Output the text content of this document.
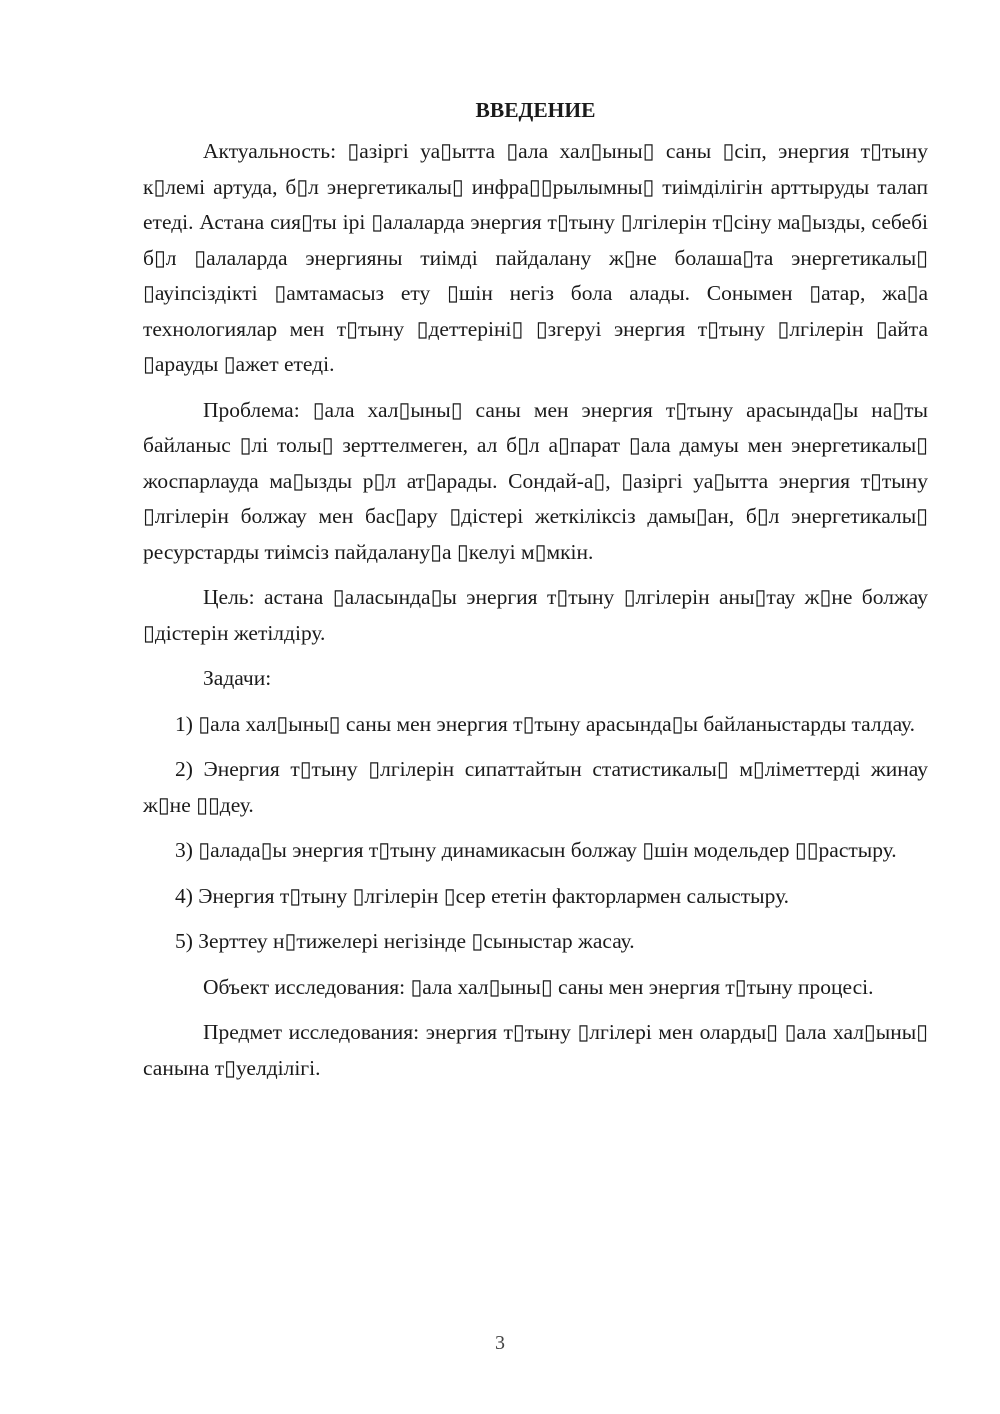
ВВЕДЕНИЕ

Актуальность: ▯азіргі уа▯ытта ▯ала хал▯ыны▯ саны ▯сіп, энергия т▯тыну к▯лемі артуда, б▯л энергетикалы▯ инфра▯▯рылымны▯ тиімділігін арттыруды талап етеді. Астана сия▯ты ірі ▯алаларда энергия т▯тыну ▯лгілерін т▯сіну ма▯ызды, себебі б▯л ▯алаларда энергияны тиімді пайдалану ж▯не болаша▯та энергетикалы▯ ▯ауіпсіздікті ▯амтамасыз ету ▯шін негіз бола алады. Сонымен ▯атар, жа▯а технологиялар мен т▯тыну ▯деттеріні▯ ▯згеруі энергия т▯тыну ▯лгілерін ▯айта ▯арауды ▯ажет етеді.

Проблема: ▯ала хал▯ыны▯ саны мен энергия т▯тыну арасында▯ы на▯ты байланыс ▯лі толы▯ зерттелмеген, ал б▯л а▯парат ▯ала дамуы мен энергетикалы▯ жоспарлауда ма▯ызды р▯л ат▯арады. Сондай-а▯, ▯азіргі уа▯ытта энергия т▯тыну ▯лгілерін болжау мен бас▯ару ▯дістері жеткіліксіз дамы▯ан, б▯л энергетикалы▯ ресурстарды тиімсіз пайдалану▯а ▯келуі м▯мкін.

Цель: астана ▯аласында▯ы энергия т▯тыну ▯лгілерін аны▯тау ж▯не болжау ▯дістерін жетілдіру.

Задачи:

1) ▯ала хал▯ыны▯ саны мен энергия т▯тыну арасында▯ы байланыстарды талдау.

2) Энергия т▯тыну ▯лгілерін сипаттайтын статистикалы▯ м▯ліметтерді жинау ж▯не ▯▯деу.

3) ▯алада▯ы энергия т▯тыну динамикасын болжау ▯шін модельдер ▯▯растыру.

4) Энергия т▯тыну ▯лгілерін ▯сер ететін факторлармен салыстыру.

5) Зерттеу н▯тижелері негізінде ▯сыныстар жасау.

Объект исследования: ▯ала хал▯ыны▯ саны мен энергия т▯тыну процесі.

Предмет исследования: энергия т▯тыну ▯лгілері мен оларды▯ ▯ала хал▯ыны▯ санына т▯уелділігі.

3
